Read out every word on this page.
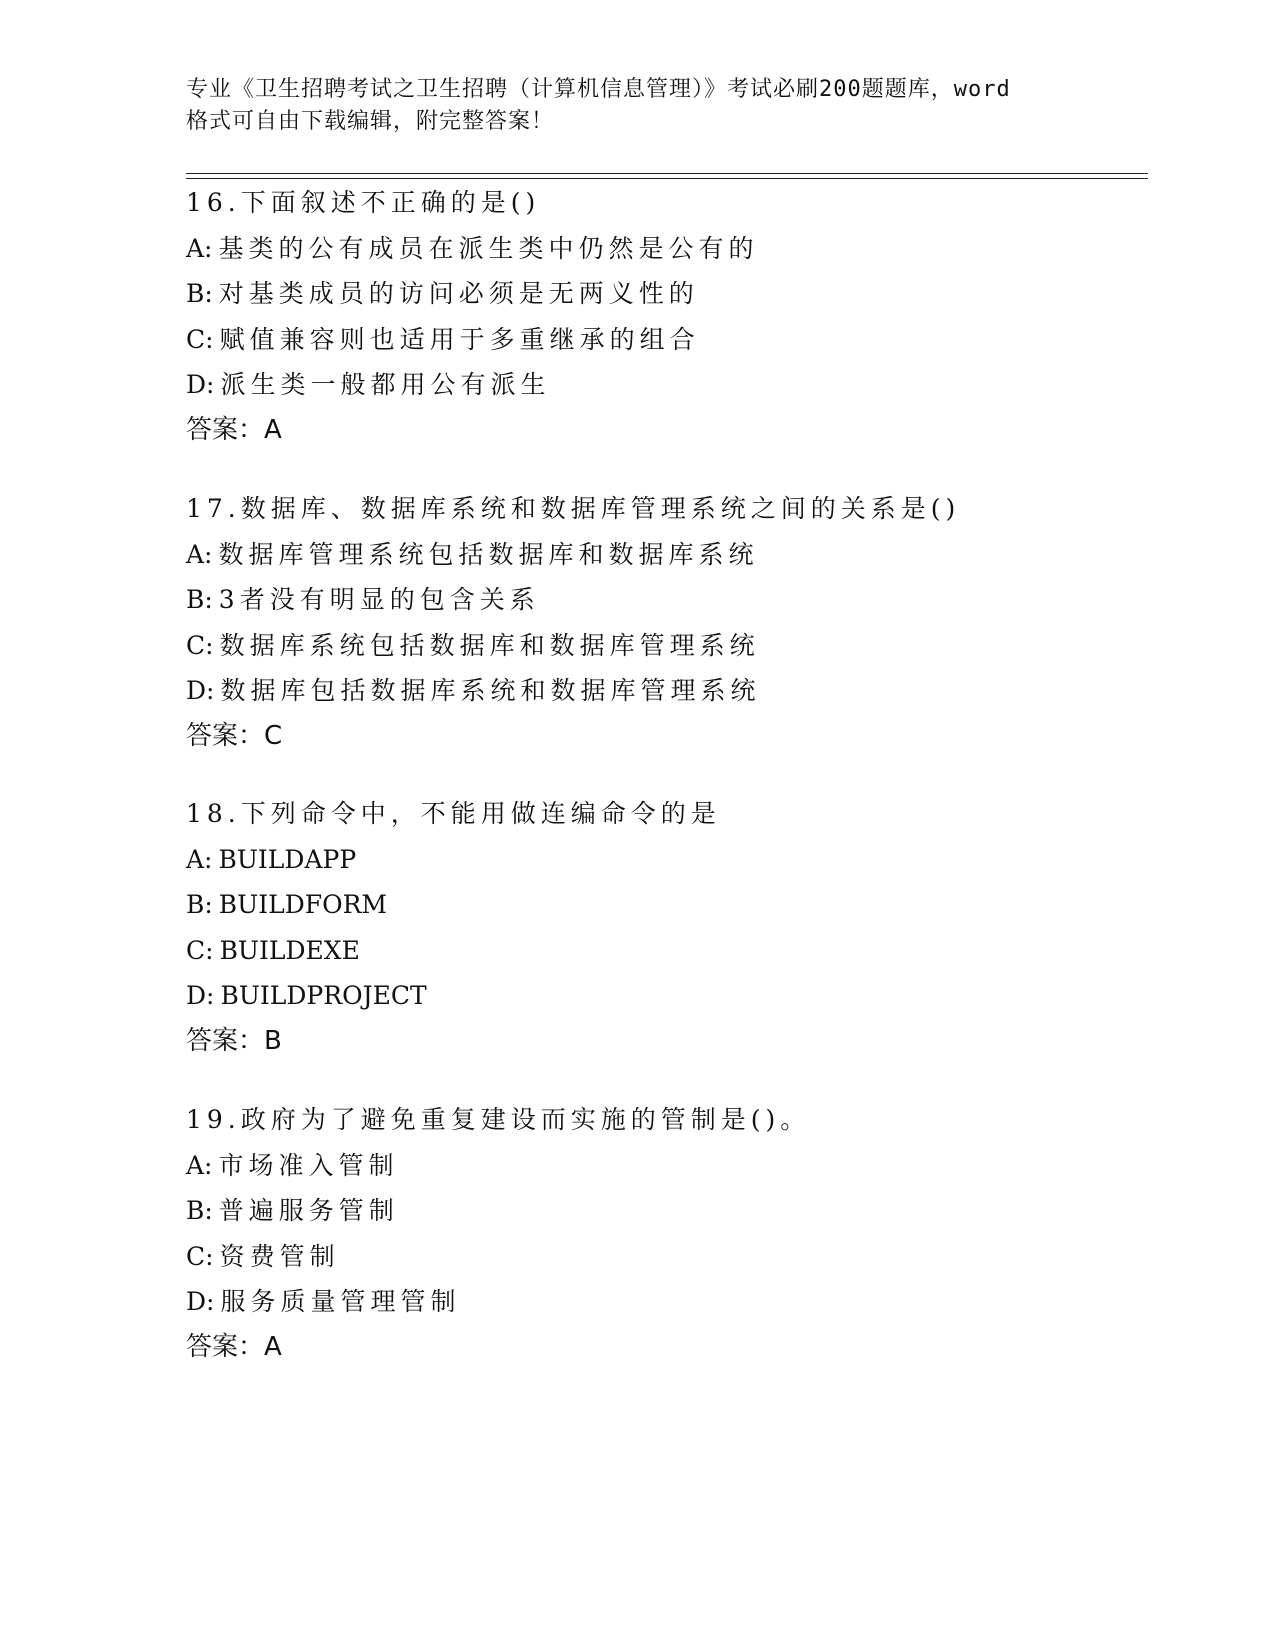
专业《卫生招聘考试之卫生招聘（计算机信息管理）》考试必刷200题题库，word
格式可自由下载编辑，附完整答案！
16.下面叙述不正确的是()
A: 基类的公有成员在派生类中仍然是公有的
B: 对基类成员的访问必须是无两义性的
C: 赋值兼容则也适用于多重继承的组合
D: 派生类一般都用公有派生
答案：A
17.数据库、数据库系统和数据库管理系统之间的关系是()
A: 数据库管理系统包括数据库和数据库系统
B: 3者没有明显的包含关系
C: 数据库系统包括数据库和数据库管理系统
D: 数据库包括数据库系统和数据库管理系统
答案：C
18.下列命令中，不能用做连编命令的是
A: BUILDAPP
B: BUILDFORM
C: BUILDEXE
D: BUILDPROJECT
答案：B
19.政府为了避免重复建设而实施的管制是()。
A: 市场准入管制
B: 普遍服务管制
C: 资费管制
D: 服务质量管理管制
答案：A
